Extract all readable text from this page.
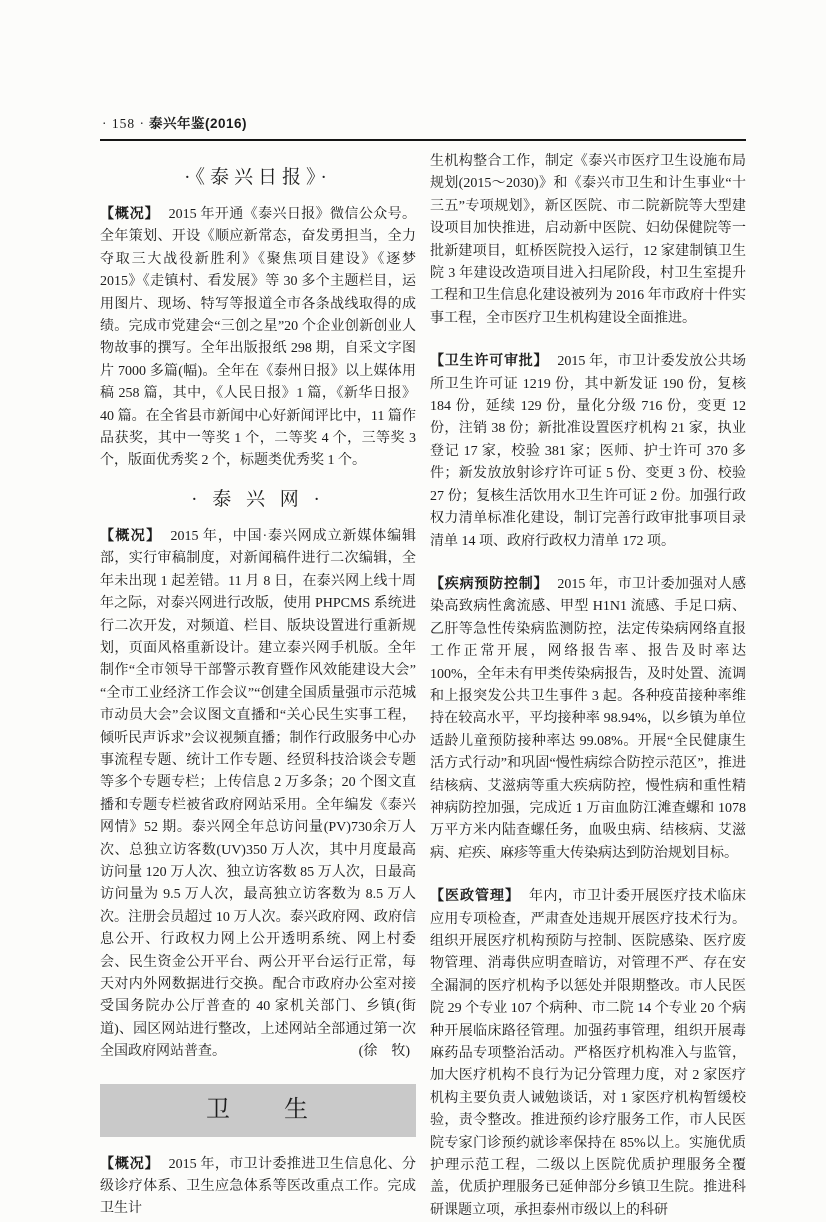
· 158 · 泰兴年鉴(2016)
·《泰兴日报》·

【概况】 2015 年开通《泰兴日报》微信公众号。全年策划、开设《顺应新常态，奋发勇担当，全力夺取三大战役新胜利》《聚焦项目建设》《逐梦 2015》《走镇村、看发展》等 30 多个主题栏目，运用图片、现场、特写等报道全市各条战线取得的成绩。完成市党建会“三创之星”20 个企业创新创业人物故事的撰写。全年出版报纸 298 期，自采文字图片 7000 多篇(幅)。全年在《泰州日报》以上媒体用稿 258 篇，其中，《人民日报》1 篇，《新华日报》40 篇。在全省县市新闻中心好新闻评比中，11 篇作品获奖，其中一等奖 1 个，二等奖 4 个，三等奖 3 个，版面优秀奖 2 个，标题类优秀奖 1 个。

· 泰 兴 网 ·

【概况】 2015 年，中国·泰兴网成立新媒体编辑部，实行审稿制度，对新闻稿件进行二次编辑，全年未出现 1 起差错。11 月 8 日，在泰兴网上线十周年之际，对泰兴网进行改版，使用 PHPCMS 系统进行二次开发，对频道、栏目、版块设置进行重新规划，页面风格重新设计。建立泰兴网手机版。全年制作“全市领导干部警示教育暨作风效能建设大会”“全市工业经济工作会议”“创建全国质量强市示范城市动员大会”会议图文直播和“关心民生实事工程，倾听民声诉求”会议视频直播；制作行政服务中心办事流程专题、统计工作专题、经贸科技洽谈会专题等多个专题专栏；上传信息 2 万多条；20 个图文直播和专题专栏被省政府网站采用。全年编发《泰兴网情》52 期。泰兴网全年总访问量(PV)730余万人次、总独立访客数(UV)350 万人次，其中月度最高访问量 120 万人次、独立访客数 85 万人次，日最高访问量为 9.5 万人次，最高独立访客数为 8.5 万人次。注册会员超过 10 万人次。泰兴政府网、政府信息公开、行政权力网上公开透明系统、网上村委会、民生资金公开平台、两公开平台运行正常，每天对内外网数据进行交换。配合市政府办公室对接受国务院办公厅普查的 40 家机关部门、乡镇(街道)、园区网站进行整改，上述网站全部通过第一次全国政府网站普查。	(徐　牧)
卫　　生

【概况】 2015 年，市卫计委推进卫生信息化、分级诊疗体系、卫生应急体系等医改重点工作。完成卫生计

生机构整合工作，制定《泰兴市医疗卫生设施布局规划(2015～2030)》和《泰兴市卫生和计生事业“十三五”专项规划》，新区医院、市二院新院等大型建设项目加快推进，启动新中医院、妇幼保健院等一批新建项目，虹桥医院投入运行，12 家建制镇卫生院 3 年建设改造项目进入扫尾阶段，村卫生室提升工程和卫生信息化建设被列为 2016 年市政府十件实事工程，全市医疗卫生机构建设全面推进。

【卫生许可审批】 2015 年，市卫计委发放公共场所卫生许可证 1219 份，其中新发证 190 份，复核 184 份，延续 129 份，量化分级 716 份，变更 12 份，注销 38 份；新批准设置医疗机构 21 家，执业登记 17 家，校验 381 家；医师、护士许可 370 多件；新发放放射诊疗许可证 5 份、变更 3 份、校验 27 份；复核生活饮用水卫生许可证 2 份。加强行政权力清单标准化建设，制订完善行政审批事项目录清单 14 项、政府行政权力清单 172 项。

【疾病预防控制】 2015 年，市卫计委加强对人感染高致病性禽流感、甲型 H1N1 流感、手足口病、乙肝等急性传染病监测防控，法定传染病网络直报工作正常开展，网络报告率、报告及时率达 100%，全年未有甲类传染病报告，及时处置、流调和上报突发公共卫生事件 3 起。各种疫苗接种率维持在较高水平，平均接种率 98.94%，以乡镇为单位适龄儿童预防接种率达 99.08%。开展“全民健康生活方式行动”和巩固“慢性病综合防控示范区”，推进结核病、艾滋病等重大疾病防控，慢性病和重性精神病防控加强，完成近 1 万亩血防江滩查螺和 1078 万平方米内陆查螺任务，血吸虫病、结核病、艾滋病、疟疾、麻疹等重大传染病达到防治规划目标。

【医政管理】 年内，市卫计委开展医疗技术临床应用专项检查，严肃查处违规开展医疗技术行为。组织开展医疗机构预防与控制、医院感染、医疗废物管理、消毒供应明查暗访，对管理不严、存在安全漏洞的医疗机构予以惩处并限期整改。市人民医院 29 个专业 107 个病种、市二院 14 个专业 20 个病种开展临床路径管理。加强药事管理，组织开展毒麻药品专项整治活动。严格医疗机构准入与监管，加大医疗机构不良行为记分管理力度，对 2 家医疗机构主要负责人诫勉谈话，对 1 家医疗机构暂缓校验，责令整改。推进预约诊疗服务工作，市人民医院专家门诊预约就诊率保持在 85%以上。实施优质护理示范工程，二级以上医院优质护理服务全覆盖，优质护理服务已延伸部分乡镇卫生院。推进科研课题立项，承担泰州市级以上的科研
